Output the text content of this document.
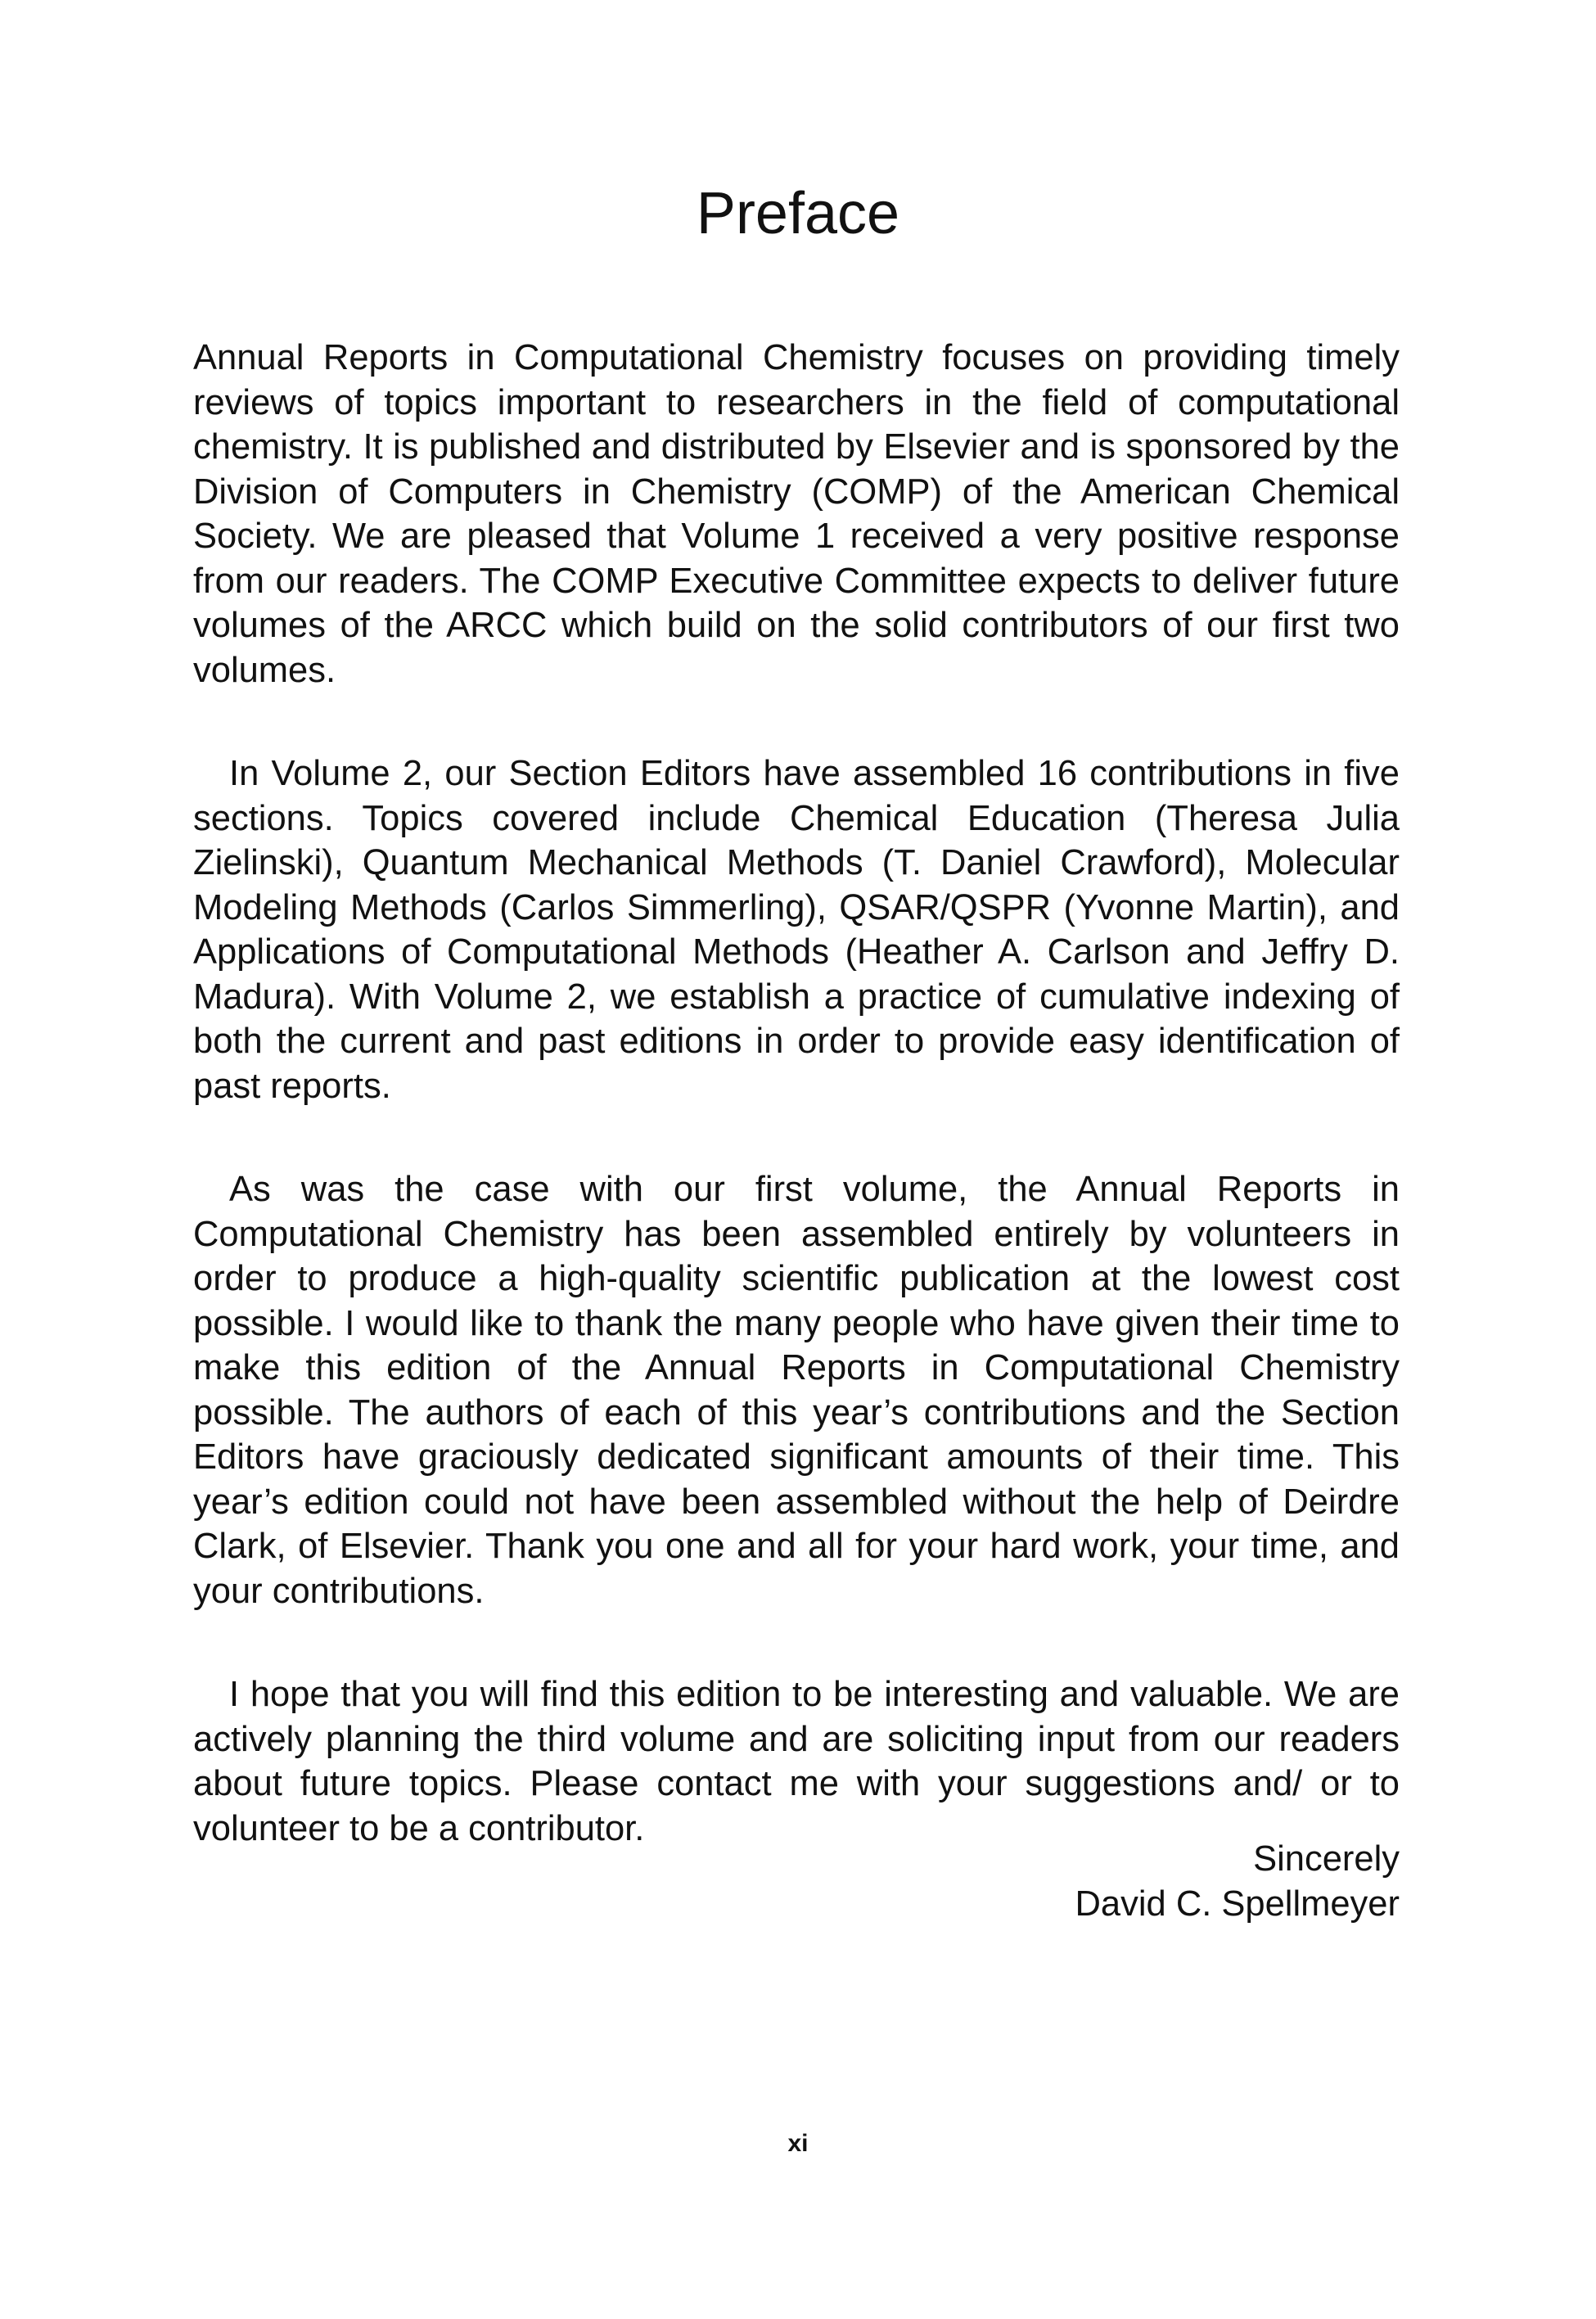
Preface

Annual Reports in Computational Chemistry focuses on providing timely reviews of topics important to researchers in the field of computational chemistry. It is published and distributed by Elsevier and is sponsored by the Division of Computers in Chemistry (COMP) of the American Chemical Society. We are pleased that Volume 1 received a very positive response from our readers. The COMP Executive Committee expects to deliver future volumes of the ARCC which build on the solid contributors of our first two volumes.

In Volume 2, our Section Editors have assembled 16 contributions in five sections. Topics covered include Chemical Education (Theresa Julia Zielinski), Quantum Mechanical Methods (T. Daniel Crawford), Molecular Modeling Methods (Carlos Simmerling), QSAR/QSPR (Yvonne Martin), and Applications of Computational Methods (Heather A. Carlson and Jeffry D. Madura). With Volume 2, we establish a practice of cumulative indexing of both the current and past editions in order to provide easy identification of past reports.

As was the case with our first volume, the Annual Reports in Computational Chemistry has been assembled entirely by volunteers in order to produce a high-quality scientific publication at the lowest cost possible. I would like to thank the many people who have given their time to make this edition of the Annual Reports in Computational Chemistry possible. The authors of each of this year’s contributions and the Section Editors have graciously dedicated significant amounts of their time. This year’s edition could not have been assembled without the help of Deirdre Clark, of Elsevier. Thank you one and all for your hard work, your time, and your contributions.

I hope that you will find this edition to be interesting and valuable. We are actively planning the third volume and are soliciting input from our readers about future topics. Please contact me with your suggestions and/ or to volunteer to be a contributor.

Sincerely
David C. Spellmeyer
xi
